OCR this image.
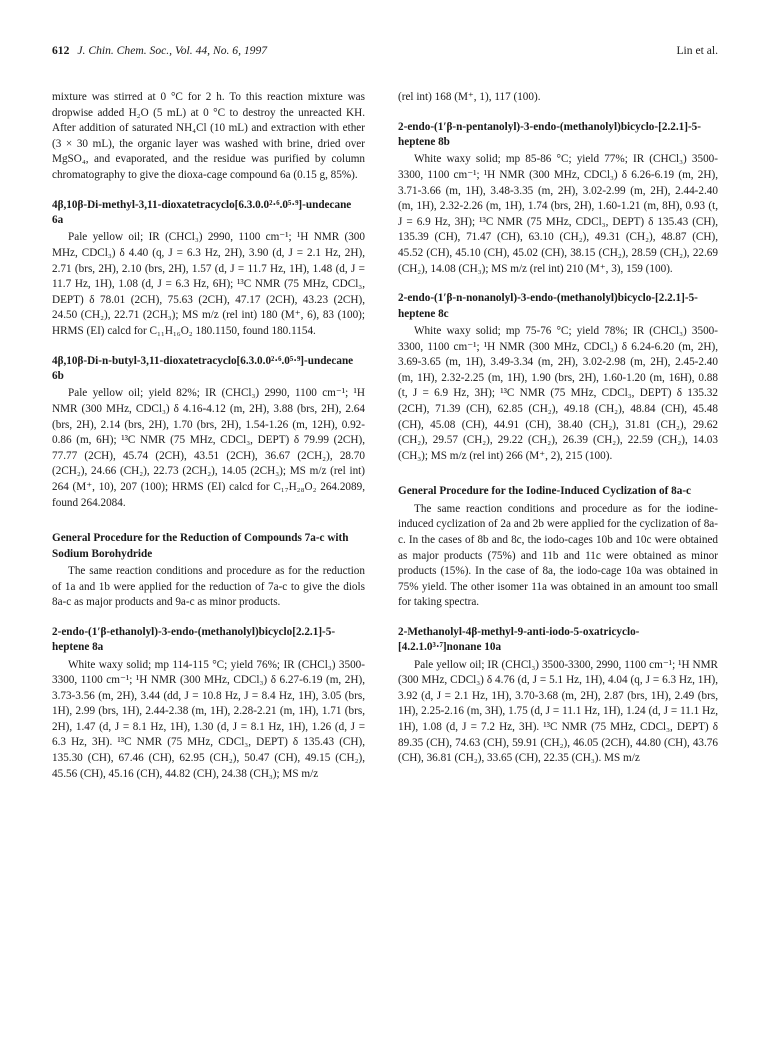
612 J. Chin. Chem. Soc., Vol. 44, No. 6, 1997	Lin et al.

mixture was stirred at 0 °C for 2 h. To this reaction mixture was dropwise added H₂O (5 mL) at 0 °C to destroy the unreacted KH. After addition of saturated NH₄Cl (10 mL) and extraction with ether (3 × 30 mL), the organic layer was washed with brine, dried over MgSO₄, and evaporated, and the residue was purified by column chromatography to give the dioxa-cage compound 6a (0.15 g, 85%).

4β,10β-Di-methyl-3,11-dioxatetracyclo[6.3.0.0²·⁶.0⁵·⁹]-undecane 6a

Pale yellow oil; IR (CHCl₃) 2990, 1100 cm⁻¹; ¹H NMR (300 MHz, CDCl₃) δ 4.40 (q, J = 6.3 Hz, 2H), 3.90 (d, J = 2.1 Hz, 2H), 2.71 (brs, 2H), 2.10 (brs, 2H), 1.57 (d, J = 11.7 Hz, 1H), 1.48 (d, J = 11.7 Hz, 1H), 1.08 (d, J = 6.3 Hz, 6H); ¹³C NMR (75 MHz, CDCl₃, DEPT) δ 78.01 (2CH), 75.63 (2CH), 47.17 (2CH), 43.23 (2CH), 24.50 (CH₂), 22.71 (2CH₃); MS m/z (rel int) 180 (M⁺, 6), 83 (100); HRMS (EI) calcd for C₁₁H₁₆O₂ 180.1150, found 180.1154.

4β,10β-Di-n-butyl-3,11-dioxatetracyclo[6.3.0.0²·⁶.0⁵·⁹]-undecane 6b

Pale yellow oil; yield 82%; IR (CHCl₃) 2990, 1100 cm⁻¹; ¹H NMR (300 MHz, CDCl₃) δ 4.16-4.12 (m, 2H), 3.88 (brs, 2H), 2.64 (brs, 2H), 2.14 (brs, 2H), 1.70 (brs, 2H), 1.54-1.26 (m, 12H), 0.92-0.86 (m, 6H); ¹³C NMR (75 MHz, CDCl₃, DEPT) δ 79.99 (2CH), 77.77 (2CH), 45.74 (2CH), 43.51 (2CH), 36.67 (2CH₂), 28.70 (2CH₂), 24.66 (CH₂), 22.73 (2CH₂), 14.05 (2CH₃); MS m/z (rel int) 264 (M⁺, 10), 207 (100); HRMS (EI) calcd for C₁₇H₂₈O₂ 264.2089, found 264.2084.

General Procedure for the Reduction of Compounds 7a-c with Sodium Borohydride

The same reaction conditions and procedure as for the reduction of 1a and 1b were applied for the reduction of 7a-c to give the diols 8a-c as major products and 9a-c as minor products.

2-endo-(1′β-ethanolyl)-3-endo-(methanolyl)bicyclo[2.2.1]-5-heptene 8a

White waxy solid; mp 114-115 °C; yield 76%; IR (CHCl₃) 3500-3300, 1100 cm⁻¹; ¹H NMR (300 MHz, CDCl₃) δ 6.27-6.19 (m, 2H), 3.73-3.56 (m, 2H), 3.44 (dd, J = 10.8 Hz, J = 8.4 Hz, 1H), 3.05 (brs, 1H), 2.99 (brs, 1H), 2.44-2.38 (m, 1H), 2.28-2.21 (m, 1H), 1.71 (brs, 2H), 1.47 (d, J = 8.1 Hz, 1H), 1.30 (d, J = 8.1 Hz, 1H), 1.26 (d, J = 6.3 Hz, 3H). ¹³C NMR (75 MHz, CDCl₃, DEPT) δ 135.43 (CH), 135.30 (CH), 67.46 (CH), 62.95 (CH₂), 50.47 (CH), 49.15 (CH₂), 45.56 (CH), 45.16 (CH), 44.82 (CH), 24.38 (CH₃); MS m/z

(rel int) 168 (M⁺, 1), 117 (100).

2-endo-(1′β-n-pentanolyl)-3-endo-(methanolyl)bicyclo-[2.2.1]-5-heptene 8b

White waxy solid; mp 85-86 °C; yield 77%; IR (CHCl₃) 3500-3300, 1100 cm⁻¹; ¹H NMR (300 MHz, CDCl₃) δ 6.26-6.19 (m, 2H), 3.71-3.66 (m, 1H), 3.48-3.35 (m, 2H), 3.02-2.99 (m, 2H), 2.44-2.40 (m, 1H), 2.32-2.26 (m, 1H), 1.74 (brs, 2H), 1.60-1.21 (m, 8H), 0.93 (t, J = 6.9 Hz, 3H); ¹³C NMR (75 MHz, CDCl₃, DEPT) δ 135.43 (CH), 135.39 (CH), 71.47 (CH), 63.10 (CH₂), 49.31 (CH₂), 48.87 (CH), 45.52 (CH), 45.10 (CH), 45.02 (CH), 38.15 (CH₂), 28.59 (CH₂), 22.69 (CH₂), 14.08 (CH₃); MS m/z (rel int) 210 (M⁺, 3), 159 (100).

2-endo-(1′β-n-nonanolyl)-3-endo-(methanolyl)bicyclo-[2.2.1]-5-heptene 8c

White waxy solid; mp 75-76 °C; yield 78%; IR (CHCl₃) 3500-3300, 1100 cm⁻¹; ¹H NMR (300 MHz, CDCl₃) δ 6.24-6.20 (m, 2H), 3.69-3.65 (m, 1H), 3.49-3.34 (m, 2H), 3.02-2.98 (m, 2H), 2.45-2.40 (m, 1H), 2.32-2.25 (m, 1H), 1.90 (brs, 2H), 1.60-1.20 (m, 16H), 0.88 (t, J = 6.9 Hz, 3H); ¹³C NMR (75 MHz, CDCl₃, DEPT) δ 135.32 (2CH), 71.39 (CH), 62.85 (CH₂), 49.18 (CH₂), 48.84 (CH), 45.48 (CH), 45.08 (CH), 44.91 (CH), 38.40 (CH₂), 31.81 (CH₂), 29.62 (CH₂), 29.57 (CH₂), 29.22 (CH₂), 26.39 (CH₂), 22.59 (CH₂), 14.03 (CH₃); MS m/z (rel int) 266 (M⁺, 2), 215 (100).

General Procedure for the Iodine-Induced Cyclization of 8a-c

The same reaction conditions and procedure as for the iodine-induced cyclization of 2a and 2b were applied for the cyclization of 8a-c. In the cases of 8b and 8c, the iodo-cages 10b and 10c were obtained as major products (75%) and 11b and 11c were obtained as minor products (15%). In the case of 8a, the iodo-cage 10a was obtained in 75% yield. The other isomer 11a was obtained in an amount too small for taking spectra.

2-Methanolyl-4β-methyl-9-anti-iodo-5-oxatricyclo-[4.2.1.0³·⁷]nonane 10a

Pale yellow oil; IR (CHCl₃) 3500-3300, 2990, 1100 cm⁻¹; ¹H NMR (300 MHz, CDCl₃) δ 4.76 (d, J = 5.1 Hz, 1H), 4.04 (q, J = 6.3 Hz, 1H), 3.92 (d, J = 2.1 Hz, 1H), 3.70-3.68 (m, 2H), 2.87 (brs, 1H), 2.49 (brs, 1H), 2.25-2.16 (m, 3H), 1.75 (d, J = 11.1 Hz, 1H), 1.24 (d, J = 11.1 Hz, 1H), 1.08 (d, J = 7.2 Hz, 3H). ¹³C NMR (75 MHz, CDCl₃, DEPT) δ 89.35 (CH), 74.63 (CH), 59.91 (CH₂), 46.05 (2CH), 44.80 (CH), 43.76 (CH), 36.81 (CH₂), 33.65 (CH), 22.35 (CH₃). MS m/z
